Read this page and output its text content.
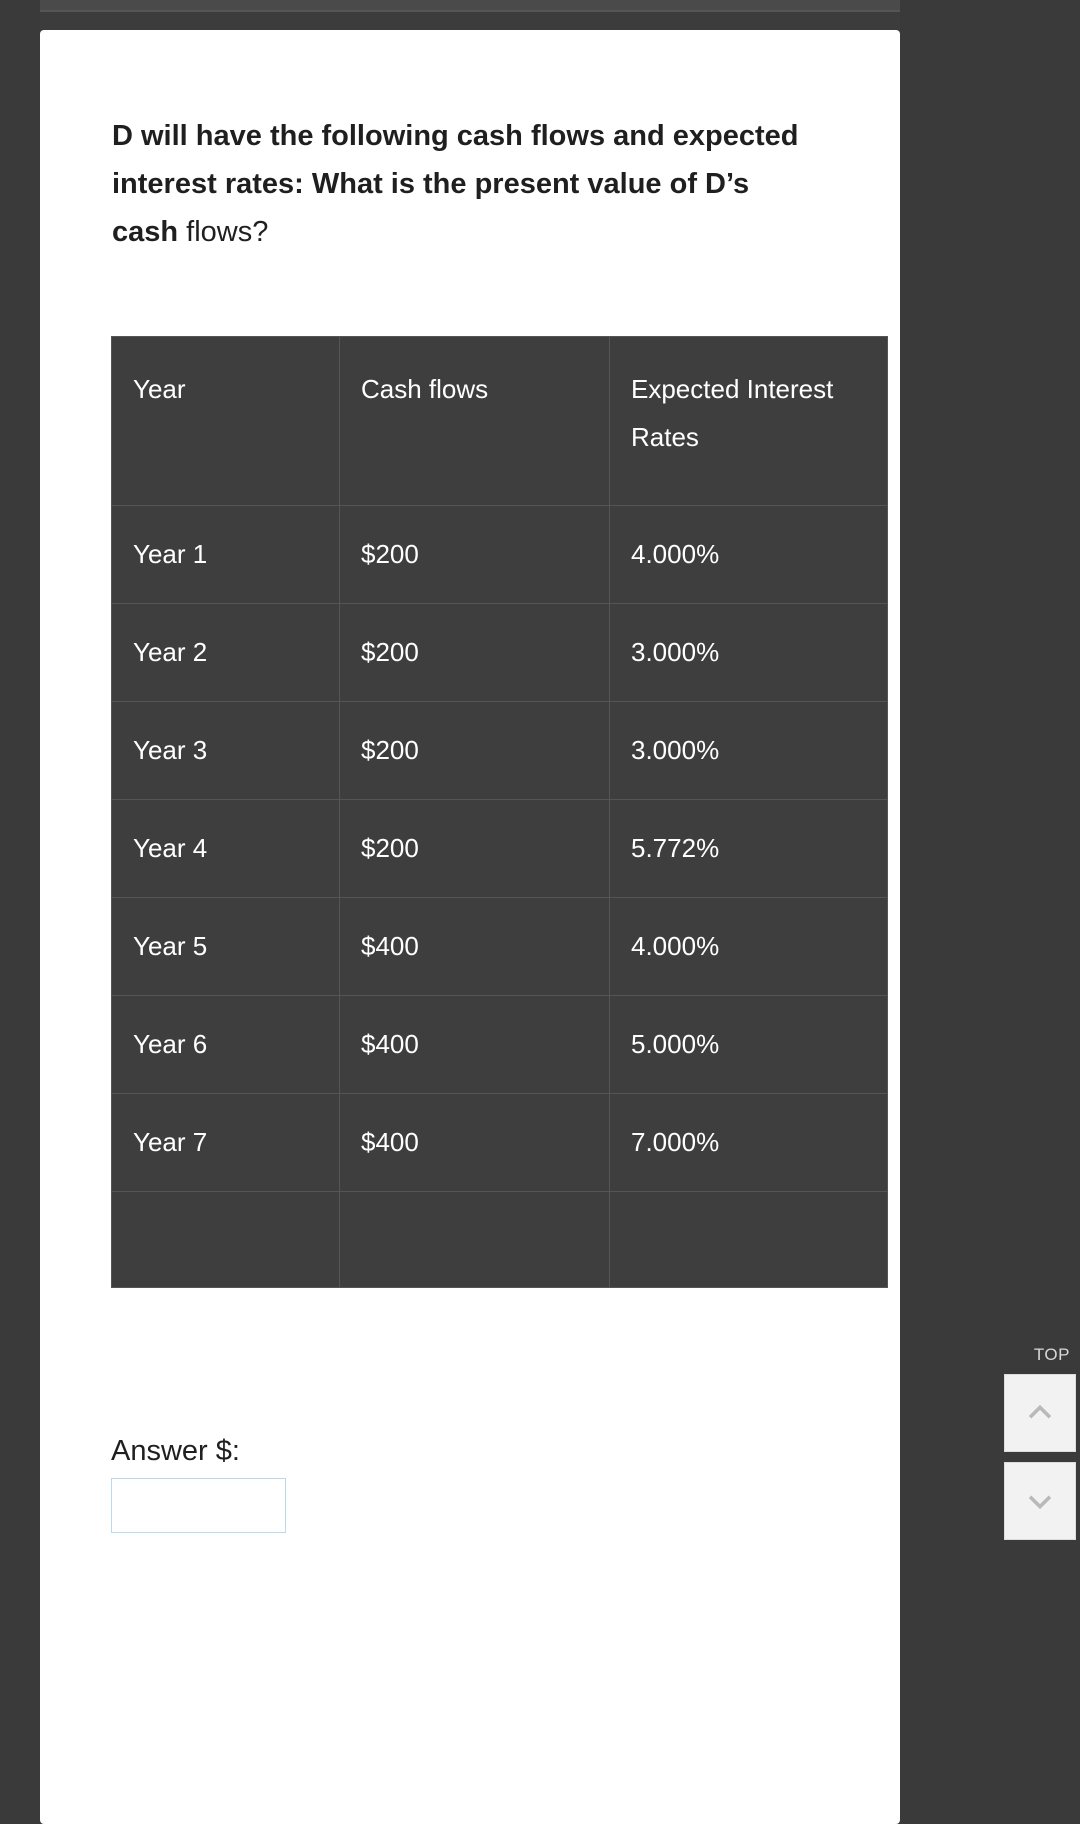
D will have the following cash flows and expected interest rates: What is the present value of D’s cash flows?
Year	Cash flows	Expected Interest Rates
Year 1	$200	4.000%
Year 2	$200	3.000%
Year 3	$200	3.000%
Year 4	$200	5.772%
Year 5	$400	4.000%
Year 6	$400	5.000%
Year 7	$400	7.000%

Answer $:
TOP
